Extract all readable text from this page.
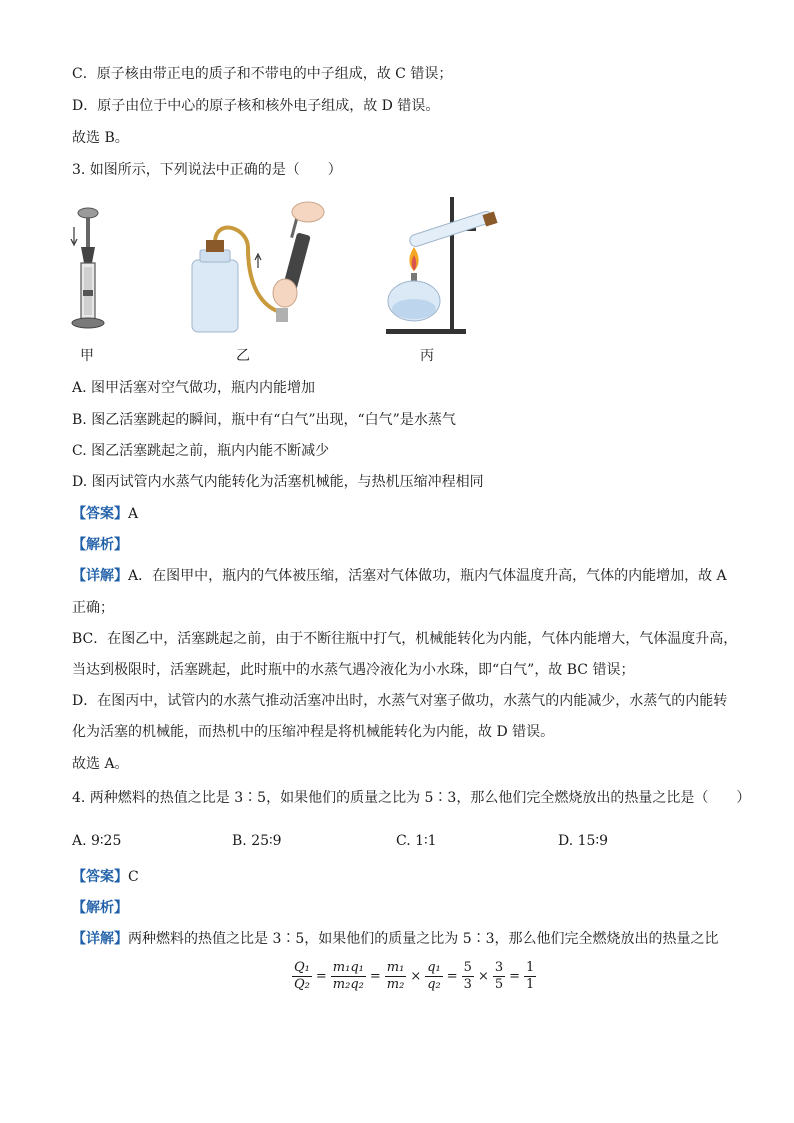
C．原子核由带正电的质子和不带电的中子组成，故 C 错误；
D．原子由位于中心的原子核和核外电子组成，故 D 错误。
故选 B。
3. 如图所示，下列说法中正确的是（　　）
甲	乙	丙
A. 图甲活塞对空气做功，瓶内内能增加
B. 图乙活塞跳起的瞬间，瓶中有“白气”出现，“白气”是水蒸气
C. 图乙活塞跳起之前，瓶内内能不断减少
D. 图丙试管内水蒸气内能转化为活塞机械能，与热机压缩冲程相同
【答案】A
【解析】
【详解】A．在图甲中，瓶内的气体被压缩，活塞对气体做功，瓶内气体温度升高，气体的内能增加，故 A
正确；
BC．在图乙中，活塞跳起之前，由于不断往瓶中打气，机械能转化为内能，气体内能增大，气体温度升高，
当达到极限时，活塞跳起，此时瓶中的水蒸气遇冷液化为小水珠，即“白气”，故 BC 错误；
D．在图丙中，试管内的水蒸气推动活塞冲出时，水蒸气对塞子做功，水蒸气的内能减少，水蒸气的内能转
化为活塞的机械能，而热机中的压缩冲程是将机械能转化为内能，故 D 错误。
故选 A。
4. 两种燃料的热值之比是 3∶5，如果他们的质量之比为 5∶3，那么他们完全燃烧放出的热量之比是（　　）
A. 9∶25	B. 25∶9	C. 1∶1	D. 15∶9
【答案】C
【解析】
【详解】两种燃料的热值之比是 3∶5，如果他们的质量之比为 5∶3，那么他们完全燃烧放出的热量之比
$\frac{\text{Q₁}}{\text{Q₂}} = \frac{\text{m₁q₁}}{\text{m₂q₂}} = \frac{\text{m₁}}{\text{m₂}} \times \frac{\text{q₁}}{\text{q₂}} = \frac{5}{3} \times \frac{3}{5} = \frac{1}{1}$
